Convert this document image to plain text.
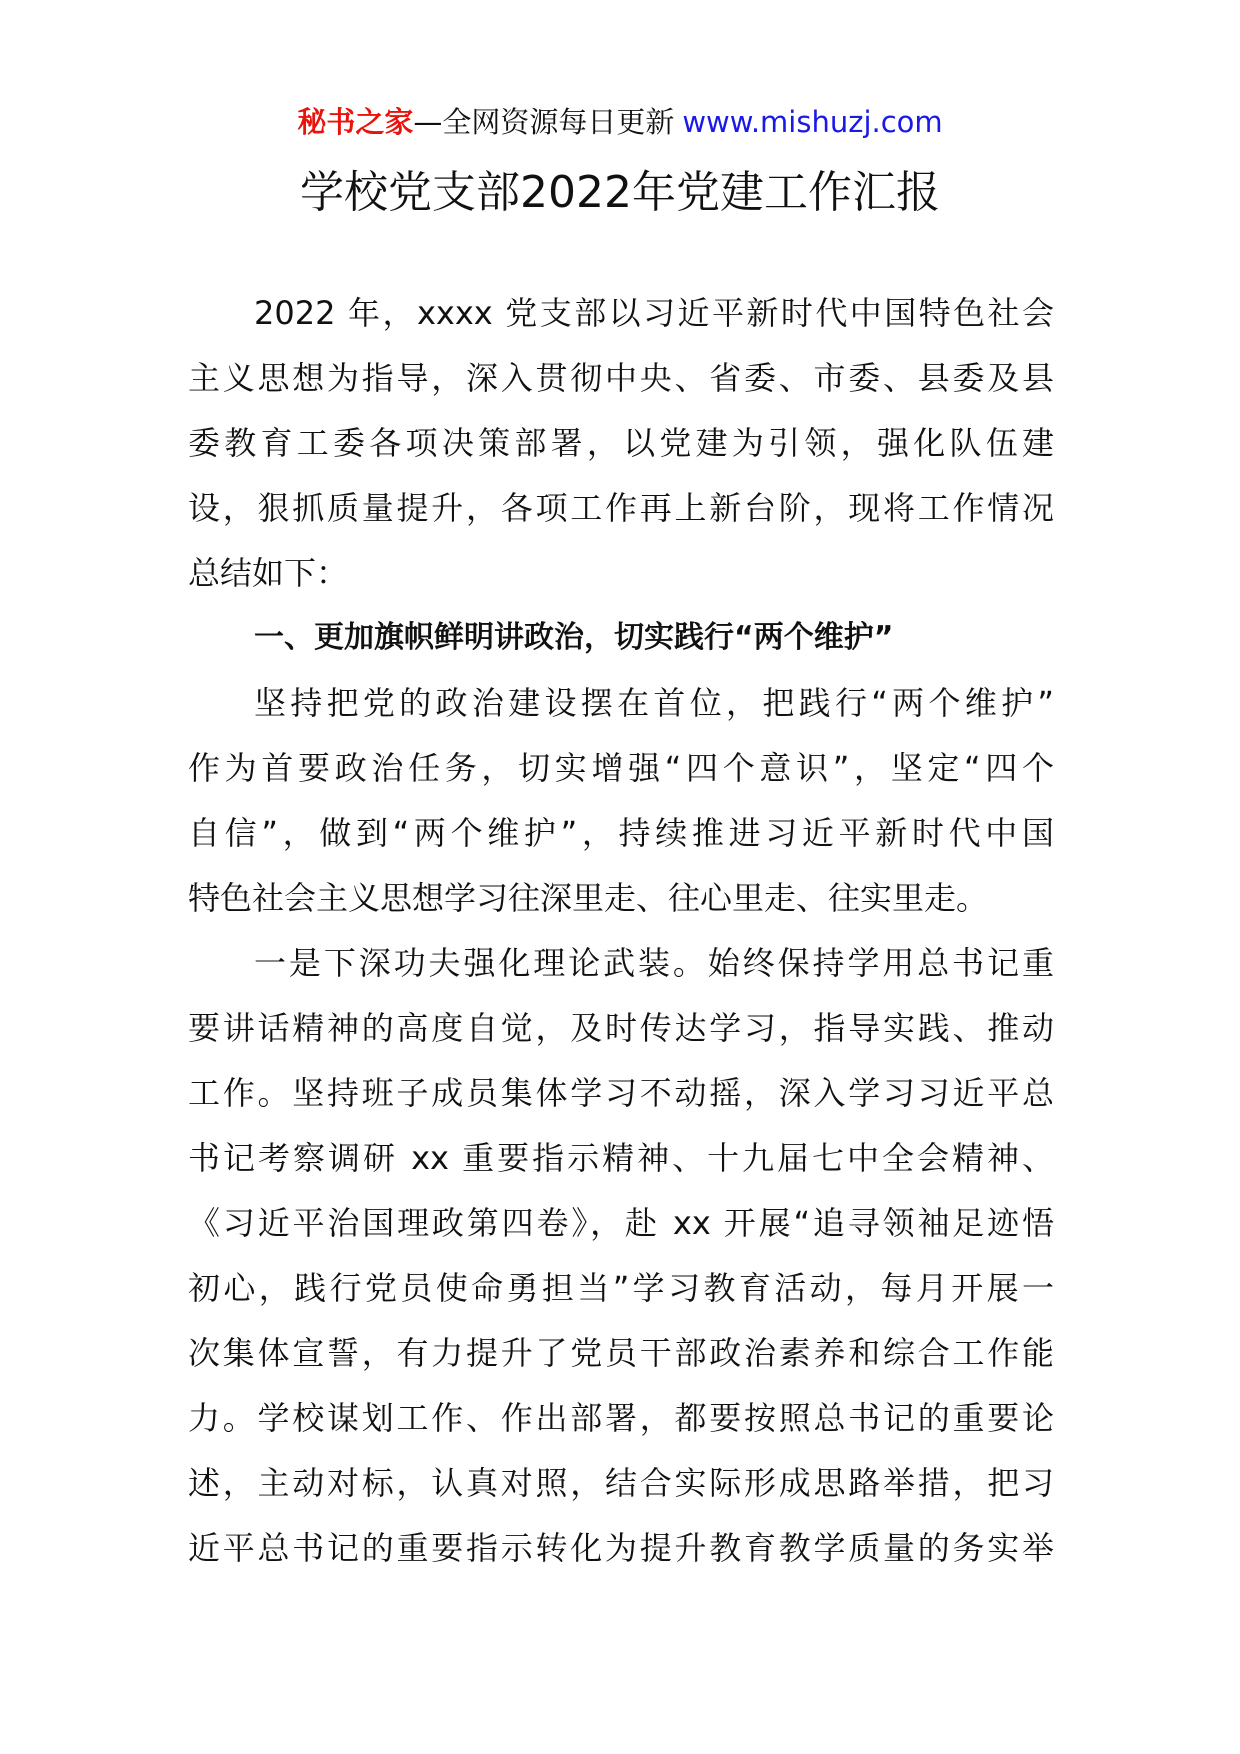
秘书之家—全网资源每日更新 www.mishuzj.com
学校党支部2022年党建工作汇报
2022 年，xxxx 党支部以习近平新时代中国特色社会
主义思想为指导，深入贯彻中央、省委、市委、县委及县
委教育工委各项决策部署，以党建为引领，强化队伍建
设，狠抓质量提升，各项工作再上新台阶，现将工作情况
总结如下：
一、更加旗帜鲜明讲政治，切实践行“两个维护”
坚持把党的政治建设摆在首位，把践行“两个维护”
作为首要政治任务，切实增强“四个意识”，坚定“四个
自信”，做到“两个维护”，持续推进习近平新时代中国
特色社会主义思想学习往深里走、往心里走、往实里走。
一是下深功夫强化理论武装。始终保持学用总书记重
要讲话精神的高度自觉，及时传达学习，指导实践、推动
工作。坚持班子成员集体学习不动摇，深入学习习近平总
书记考察调研 xx 重要指示精神、十九届七中全会精神、
《习近平治国理政第四卷》，赴 xx 开展“追寻领袖足迹悟
初心，践行党员使命勇担当”学习教育活动，每月开展一
次集体宣誓，有力提升了党员干部政治素养和综合工作能
力。学校谋划工作、作出部署，都要按照总书记的重要论
述，主动对标，认真对照，结合实际形成思路举措，把习
近平总书记的重要指示转化为提升教育教学质量的务实举
